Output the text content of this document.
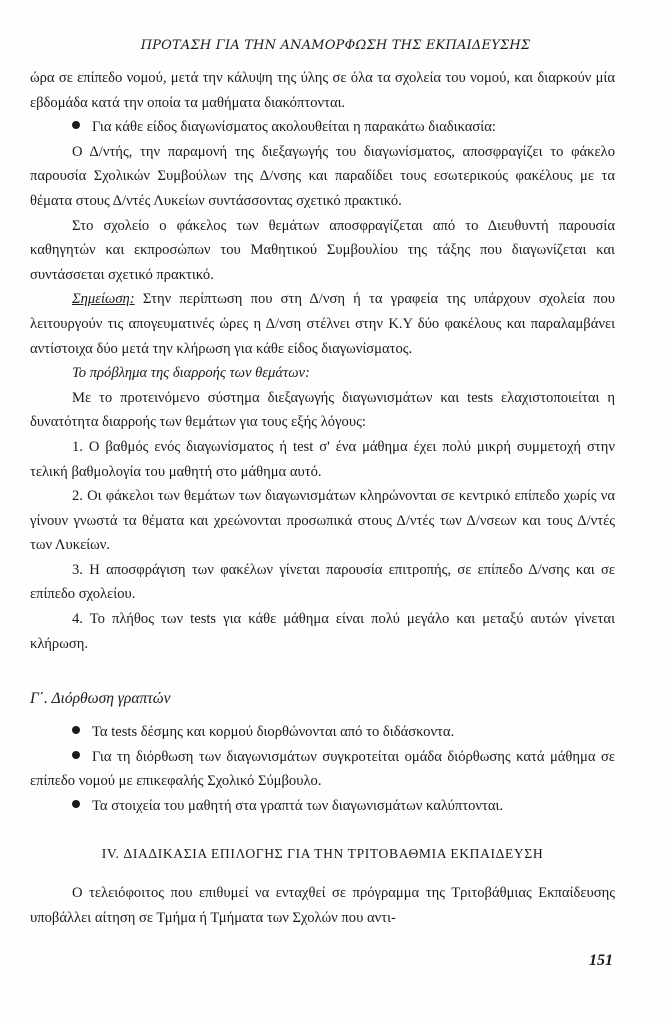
ΠΡΟΤΑΣΗ ΓΙΑ ΤΗΝ ΑΝΑΜΟΡΦΩΣΗ ΤΗΣ ΕΚΠΑΙΔΕΥΣΗΣ

ώρα σε επίπεδο νομού, μετά την κάλυψη της ύλης σε όλα τα σχολεία του νομού, και διαρκούν μία εβδομάδα κατά την οποία τα μαθήματα διακόπτονται.

Για κάθε είδος διαγωνίσματος ακολουθείται η παρακάτω διαδικασία:

Ο Δ/ντής, την παραμονή της διεξαγωγής του διαγωνίσματος, αποσφραγίζει το φάκελο παρουσία Σχολικών Συμβούλων της Δ/νσης και παραδίδει τους εσωτερικούς φακέλους με τα θέματα στους Δ/ντές Λυκείων συντάσσοντας σχετικό πρακτικό.

Στο σχολείο ο φάκελος των θεμάτων αποσφραγίζεται από το Διευθυντή παρουσία καθηγητών και εκπροσώπων του Μαθητικού Συμβουλίου της τάξης που διαγωνίζεται και συντάσσεται σχετικό πρακτικό.

Σημείωση: Στην περίπτωση που στη Δ/νση ή τα γραφεία της υπάρχουν σχολεία που λειτουργούν τις απογευματινές ώρες η Δ/νση στέλνει στην Κ.Υ δύο φακέλους και παραλαμβάνει αντίστοιχα δύο μετά την κλήρωση για κάθε είδος διαγωνίσματος.

Το πρόβλημα της διαρροής των θεμάτων:

Με το προτεινόμενο σύστημα διεξαγωγής διαγωνισμάτων και tests ελαχιστοποιείται η δυνατότητα διαρροής των θεμάτων για τους εξής λόγους:

1. Ο βαθμός ενός διαγωνίσματος ή test σ' ένα μάθημα έχει πολύ μικρή συμμετοχή στην τελική βαθμολογία του μαθητή στο μάθημα αυτό.

2. Οι φάκελοι των θεμάτων των διαγωνισμάτων κληρώνονται σε κεντρικό επίπεδο χωρίς να γίνουν γνωστά τα θέματα και χρεώνονται προσωπικά στους Δ/ντές των Δ/νσεων και τους Δ/ντές των Λυκείων.

3. Η αποσφράγιση των φακέλων γίνεται παρουσία επιτροπής, σε επίπεδο Δ/νσης και σε επίπεδο σχολείου.

4. Το πλήθος των tests για κάθε μάθημα είναι πολύ μεγάλο και μεταξύ αυτών γίνεται κλήρωση.

Γ΄. Διόρθωση γραπτών

Τα tests δέσμης και κορμού διορθώνονται από το διδάσκοντα.

Για τη διόρθωση των διαγωνισμάτων συγκροτείται ομάδα διόρθωσης κατά μάθημα σε επίπεδο νομού με επικεφαλής Σχολικό Σύμβουλο.

Τα στοιχεία του μαθητή στα γραπτά των διαγωνισμάτων καλύπτονται.

IV. ΔΙΑΔΙΚΑΣΙΑ ΕΠΙΛΟΓΗΣ ΓΙΑ ΤΗΝ ΤΡΙΤΟΒΑΘΜΙΑ ΕΚΠΑΙΔΕΥΣΗ

Ο τελειόφοιτος που επιθυμεί να ενταχθεί σε πρόγραμμα της Τριτοβάθμιας Εκπαίδευσης υποβάλλει αίτηση σε Τμήμα ή Τμήματα των Σχολών που αντι-

151
